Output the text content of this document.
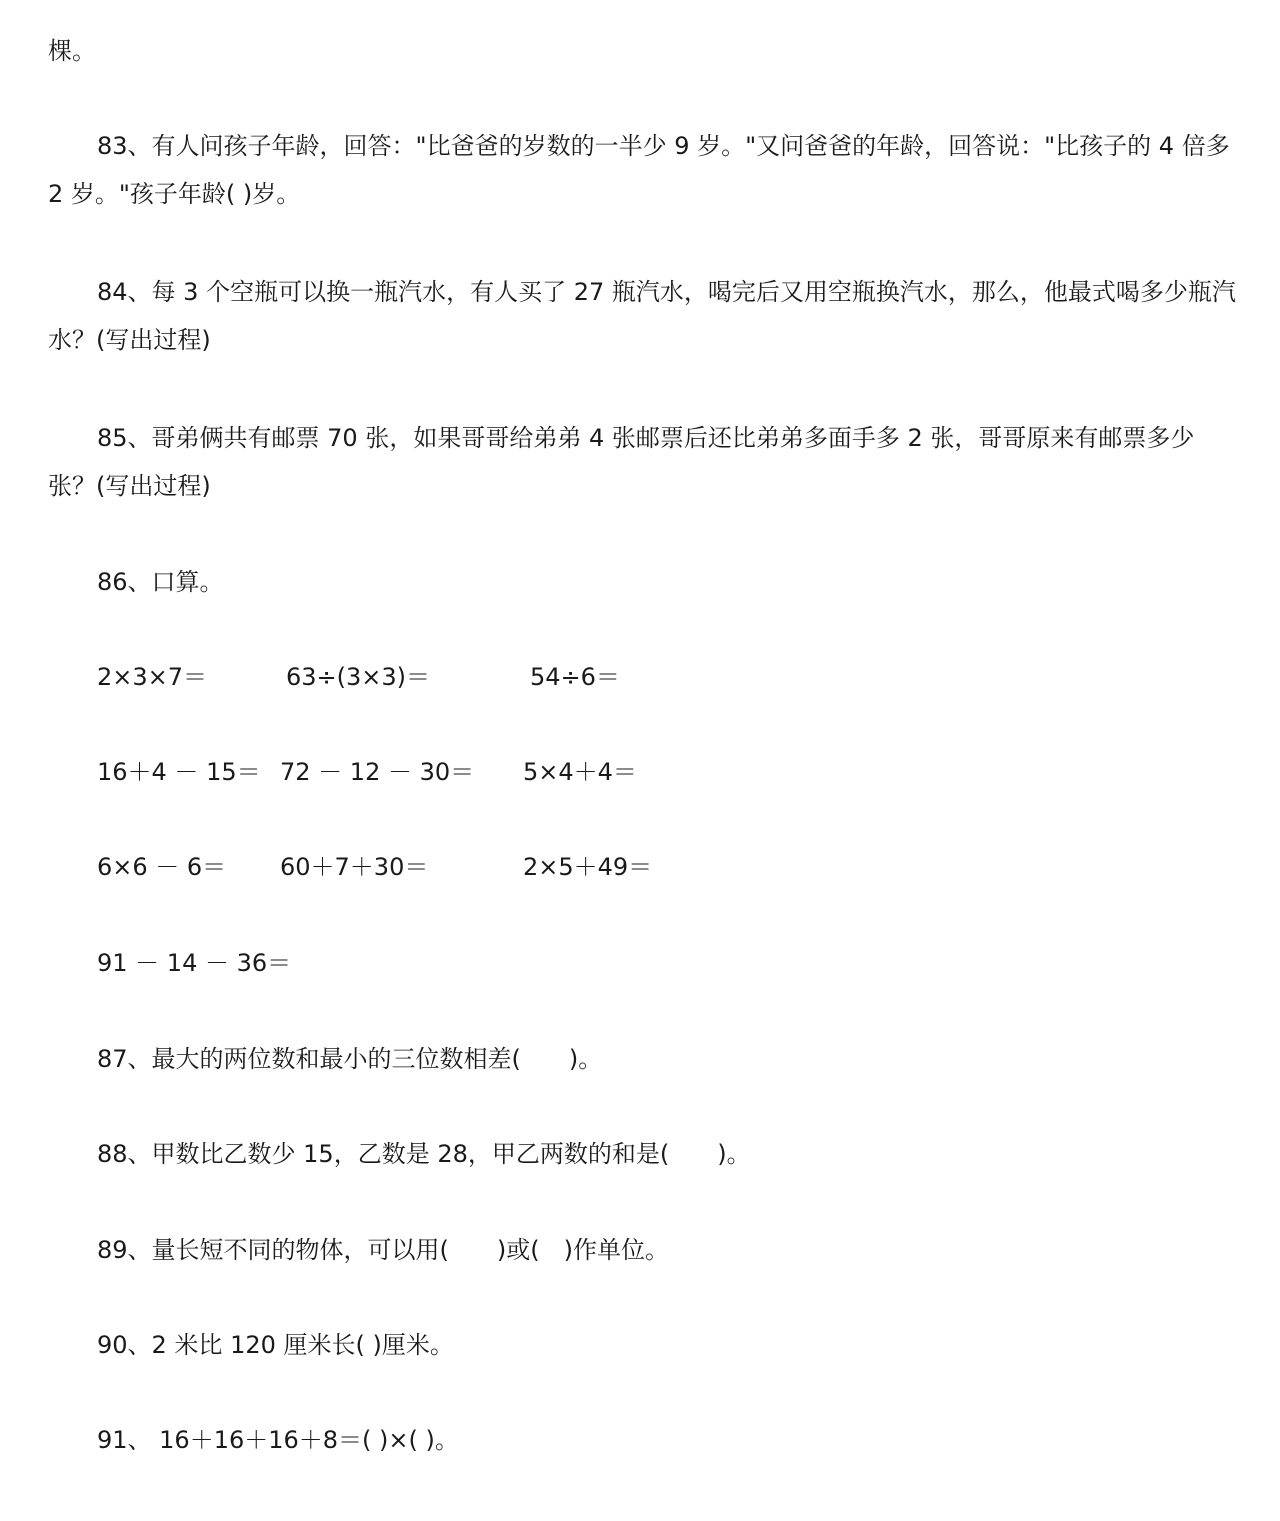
棵。
83、有人问孩子年龄，回答："比爸爸的岁数的一半少 9 岁。"又问爸爸的年龄，回答说："比孩子的 4 倍多 2 岁。"孩子年龄( )岁。
84、每 3 个空瓶可以换一瓶汽水，有人买了 27 瓶汽水，喝完后又用空瓶换汽水，那么，他最式喝多少瓶汽水？(写出过程)
85、哥弟俩共有邮票 70 张，如果哥哥给弟弟 4 张邮票后还比弟弟多面手多 2 张，哥哥原来有邮票多少张？(写出过程)
86、口算。
2×3×7＝	63÷(3×3)＝	54÷6＝
16＋4 － 15＝ 72 － 12 － 30＝ 5×4＋4＝
6×6 － 6＝ 60＋7＋30＝	2×5＋49＝
91 － 14 － 36＝
87、最大的两位数和最小的三位数相差(　　)。
88、甲数比乙数少 15，乙数是 28，甲乙两数的和是(　　)。
89、量长短不同的物体，可以用(　　)或(　)作单位。
90、2 米比 120 厘米长( )厘米。
91、 16＋16＋16＋8＝( )×( )。
